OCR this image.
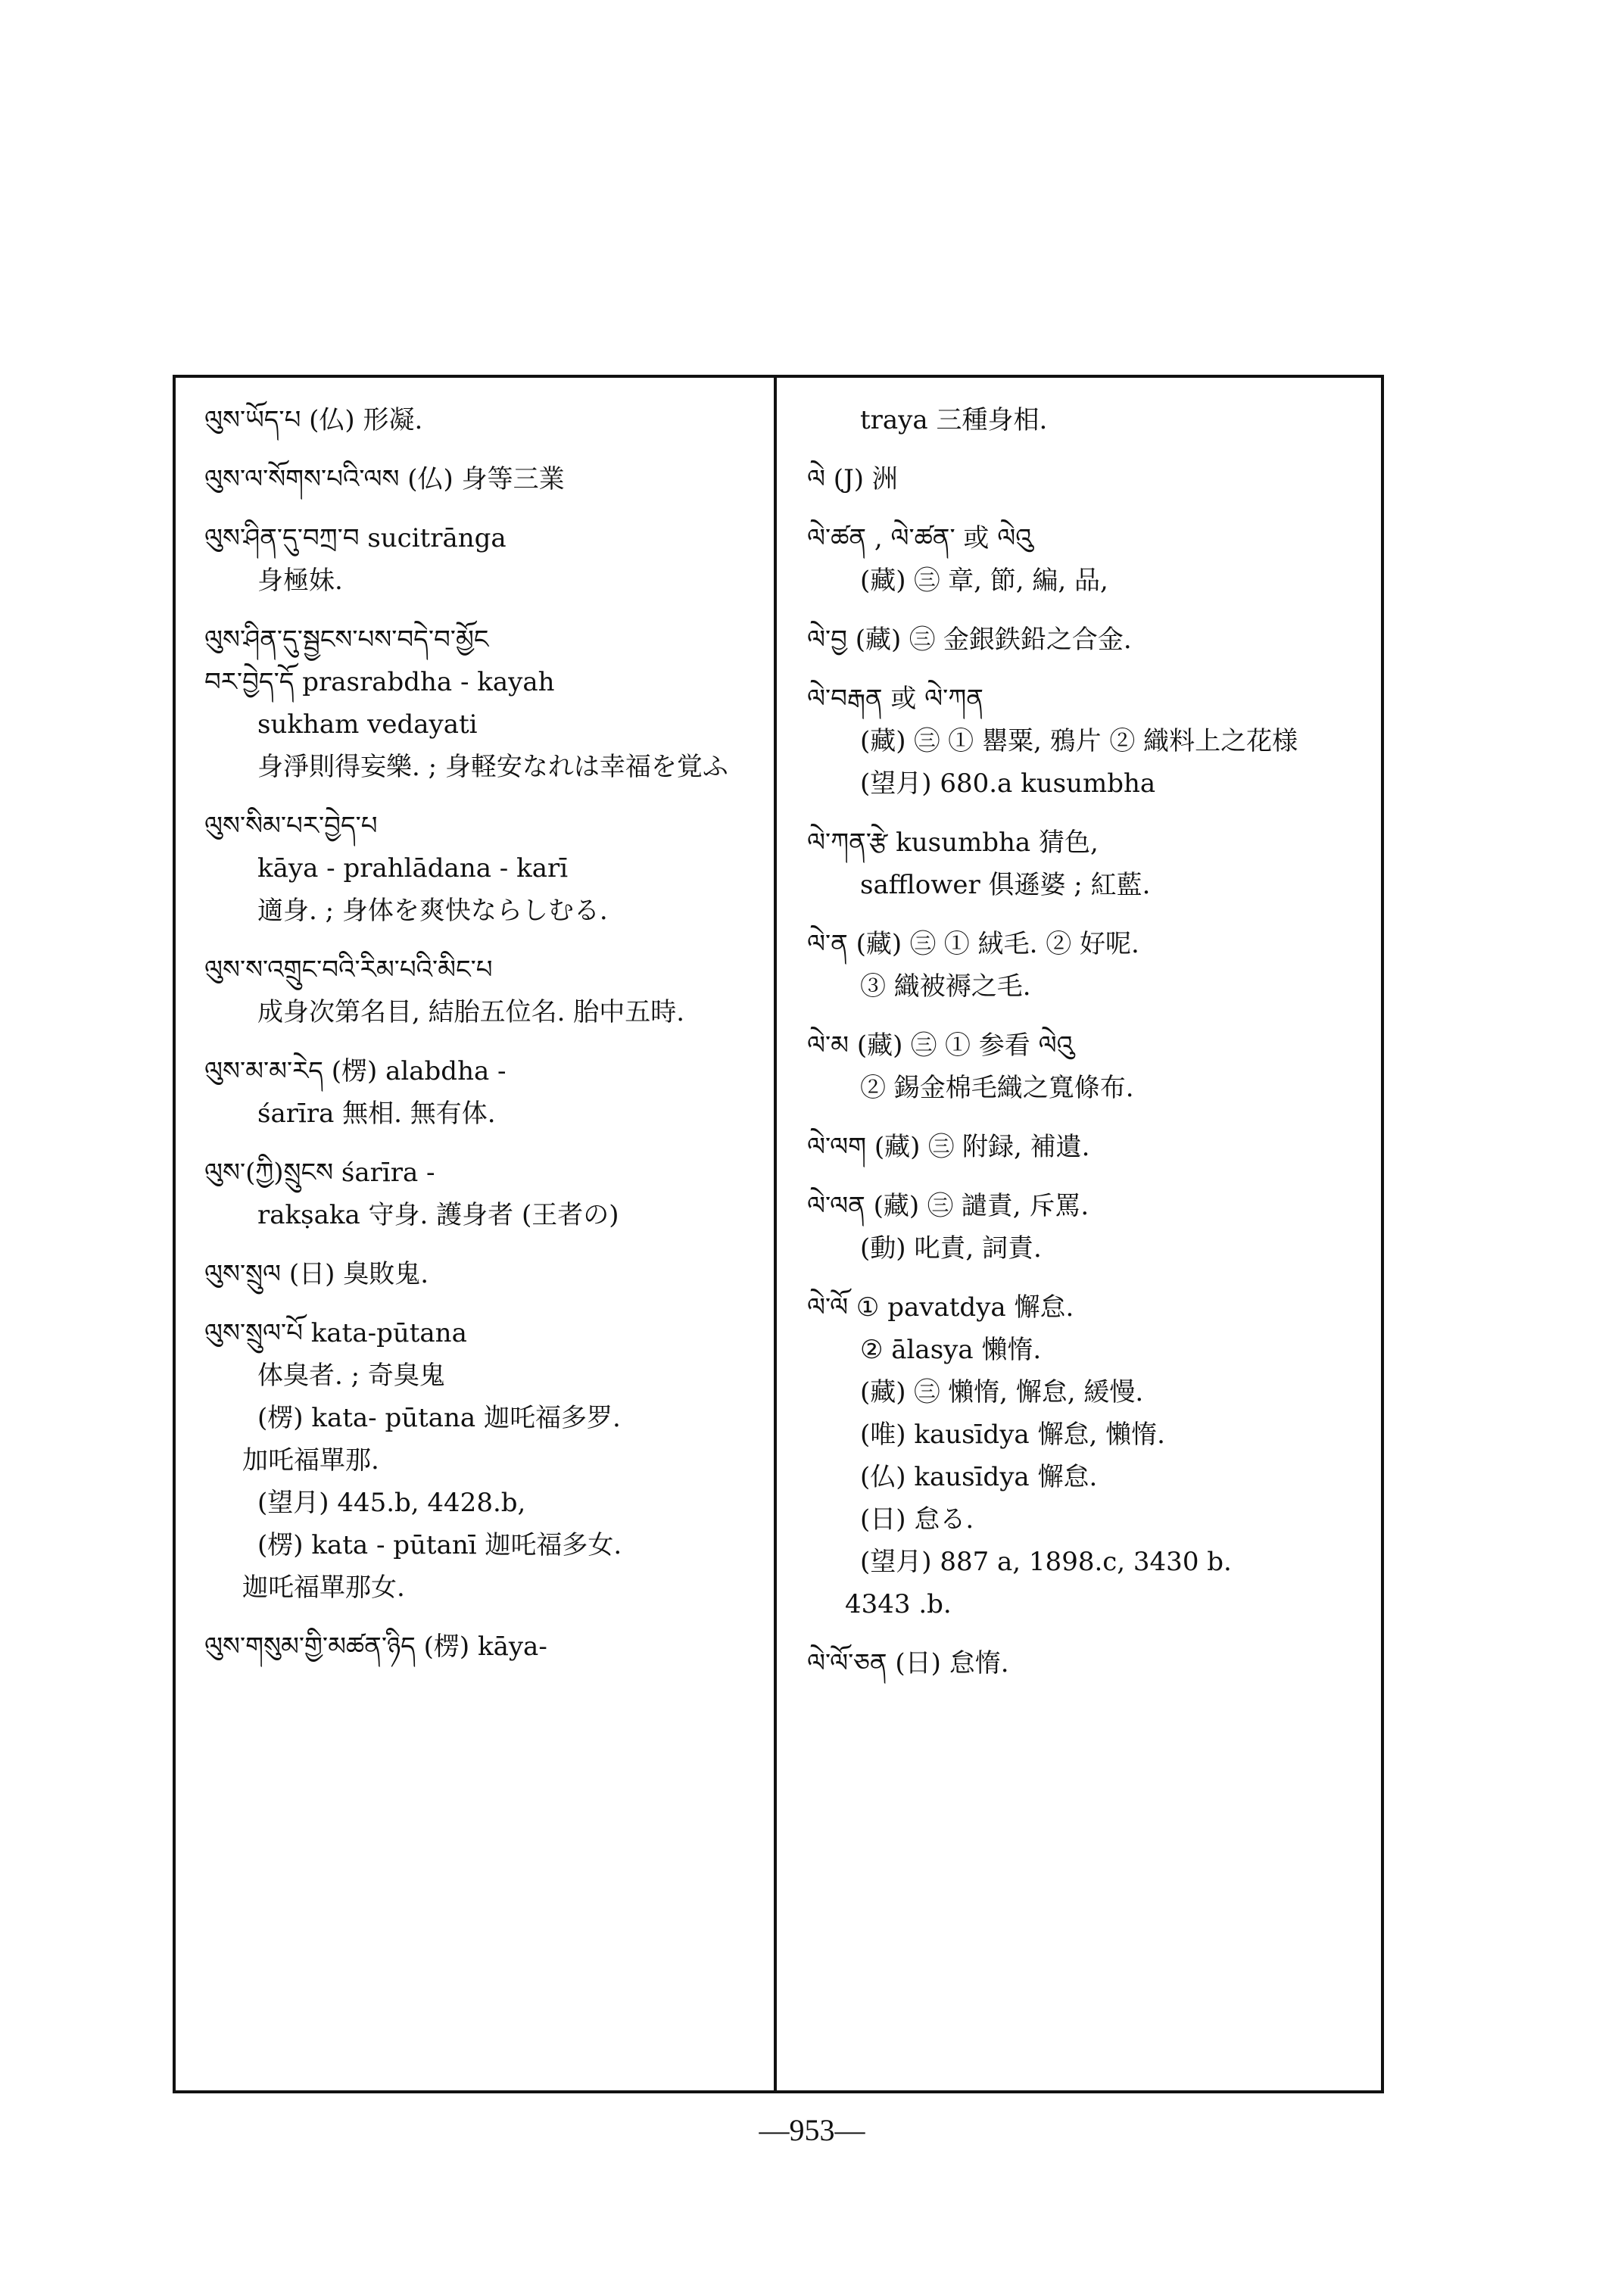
ལུས་ཡོད་པ (仏) 形凝.
ལུས་ལ་སོགས་པའི་ལས (仏) 身等三業
ལུས་ཤིན་དུ་བཀྲ་བ sucitrānga
身極妹.
ལུས་ཤིན་དུ་སྦྱངས་པས་བདེ་བ་མྱོང
བར་བྱེད་དོ prasrabdha - kayah
sukham vedayati
身淨則得妄樂. ; 身軽安なれは幸福を覚ふ
ལུས་སིམ་པར་བྱེད་པ
kāya - prahlādana - karī
適身. ; 身体を爽快ならしむる.
ལུས་ས་འགྲུང་བའི་རིམ་པའི་མིང་པ
成身次第名目, 結胎五位名. 胎中五時.
ལུས་མ་མ་རེད (楞) alabdha -
śarīra 無相. 無有体.
ལུས་(ཀྱི)སྲུངས śarīra -
rakṣaka 守身. 護身者 (王者の)
ལུས་སྲུལ (日) 臭敗鬼.
ལུས་སྲུལ་པོ kata-pūtana
体臭者. ; 奇臭鬼
(楞) kata- pūtana 迦吒福多罗.
加吒福單那.
(望月) 445.b, 4428.b,
(楞) kata - pūtanī 迦吒福多女.
迦吒福單那女.
ལུས་གསུམ་གྱི་མཚན་ཉིད (楞) kāya-
traya 三種身相.
ལེ (J) 洲
ལེ་ཚན , ལེ་ཚན་ 或 ལེའུ
(藏) ㊂ 章, 節, 編, 品,
ལེ་བྱ (藏) ㊂ 金銀鉄鉛之合金.
ལེ་བརྒན 或 ལེ་ཀན
(藏) ㊂ ① 罌粟, 鴉片 ② 織料上之花様
(望月) 680.a kusumbha
ལེ་ཀན་རྩེ kusumbha 猜色,
safflower 俱遜婆 ; 紅藍.
ལེ་ན (藏) ㊂ ① 絨毛. ② 好呢.
③ 織被褥之毛.
ལེ་མ (藏) ㊂ ① 参看 ལེའུ
② 錫金棉毛織之寬條布.
ལེ་ལག (藏) ㊂ 附録, 補遺.
ལེ་ལན (藏) ㊂ 譴責, 斥罵.
(動) 叱責, 詞責.
ལེ་ལོ ① pavatdya 懈怠.
② ālasya 懶惰.
(藏) ㊂ 懶惰, 懈怠, 緩慢.
(唯) kausīdya 懈怠, 懶惰.
(仏) kausīdya 懈怠.
(日) 怠る.
(望月) 887 a, 1898.c, 3430 b.
4343 .b.
ལེ་ལོ་ཅན (日) 怠惰.
—953—
